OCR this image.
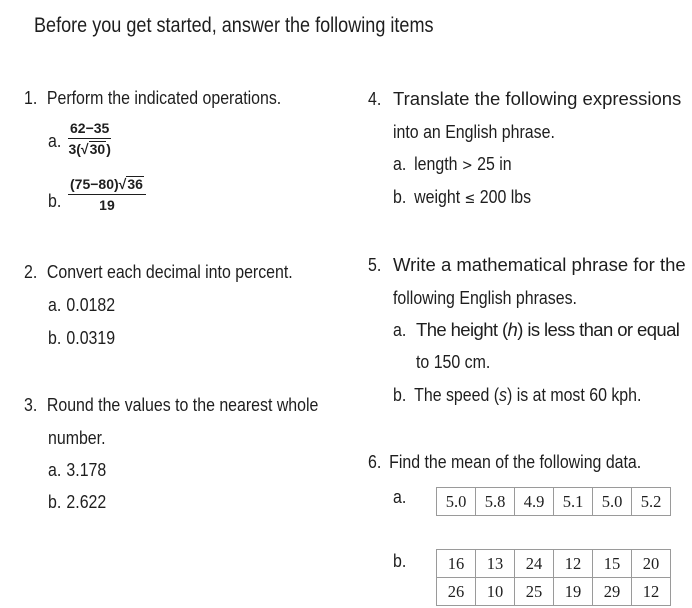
Before you get started, answer the following items
1. Perform the indicated operations.
a. $\frac{62-35}{3(√30)}$
b. $\frac{(75-80)√36}{19}$
2. Convert each decimal into percent.
a. 0.0182
b. 0.0319
3. Round the values to the nearest whole
number.
a. 3.178
b. 2.622
4. Translate the following expressions
into an English phrase.
a. length > 25 in
b. weight ≤ 200 lbs
5. Write a mathematical phrase for the
following English phrases.
a. The height (h) is less than or equal
to 150 cm.
b. The speed (s) is at most 60 kph.
6. Find the mean of the following data.
a. 5.0	5.8	4.9	5.1	5.0	5.2
b.	16	13	24	12	15	20
26	10	25	19	29	12
